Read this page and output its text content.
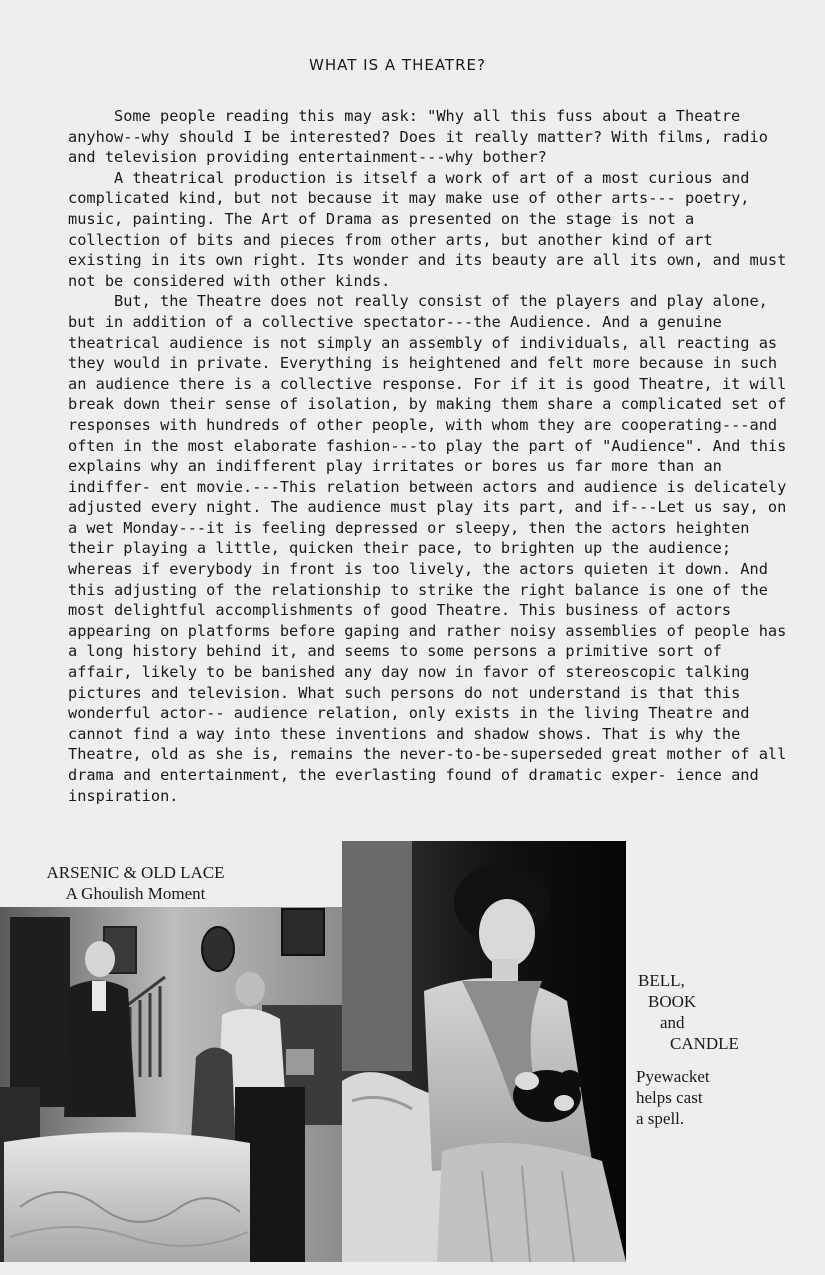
WHAT IS A THEATRE?

Some people reading this may ask: "Why all this fuss about a Theatre anyhow--why should I be interested? Does it really matter? With films, radio and television providing entertainment---why bother?

A theatrical production is itself a work of art of a most curious and complicated kind, but not because it may make use of other arts--- poetry, music, painting. The Art of Drama as presented on the stage is not a collection of bits and pieces from other arts, but another kind of art existing in its own right. Its wonder and its beauty are all its own, and must not be considered with other kinds.

But, the Theatre does not really consist of the players and play alone, but in addition of a collective spectator---the Audience. And a genuine theatrical audience is not simply an assembly of individuals, all reacting as they would in private. Everything is heightened and felt more because in such an audience there is a collective response. For if it is good Theatre, it will break down their sense of isolation, by making them share a complicated set of responses with hundreds of other people, with whom they are cooperating---and often in the most elaborate fashion---to play the part of "Audience". And this explains why an indifferent play irritates or bores us far more than an indiffer- ent movie.---This relation between actors and audience is delicately adjusted every night. The audience must play its part, and if---Let us say, on a wet Monday---it is feeling depressed or sleepy, then the actors heighten their playing a little, quicken their pace, to brighten up the audience; whereas if everybody in front is too lively, the actors quieten it down. And this adjusting of the relationship to strike the right balance is one of the most delightful accomplishments of good Theatre. This business of actors appearing on platforms before gaping and rather noisy assemblies of people has a long history behind it, and seems to some persons a primitive sort of affair, likely to be banished any day now in favor of stereoscopic talking pictures and television. What such persons do not understand is that this wonderful actor-- audience relation, only exists in the living Theatre and cannot find a way into these inventions and shadow shows. That is why the Theatre, old as she is, remains the never-to-be-superseded great mother of all drama and entertainment, the everlasting found of dramatic exper- ience and inspiration.

ARSENIC & OLD LACE
A Ghoulish Moment
BELL,
BOOK
and
CANDLE
Pyewacket
helps cast
a spell.
